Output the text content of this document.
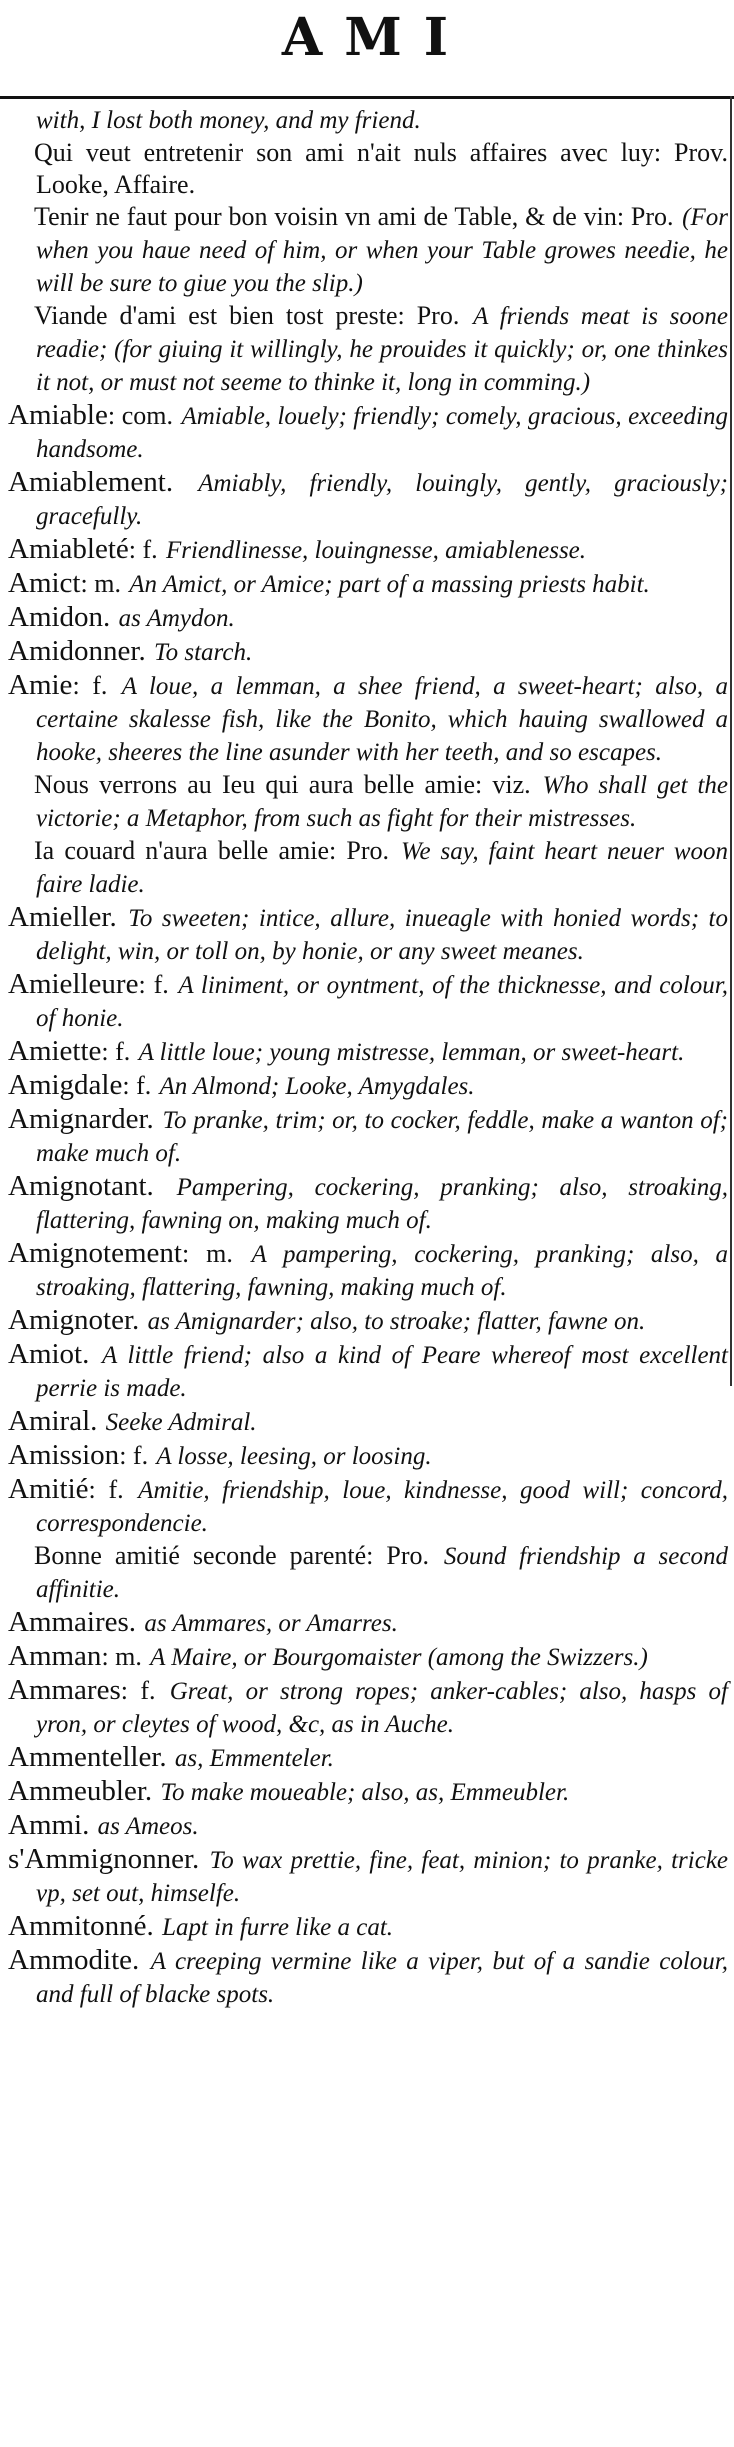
AMI
with, I lost both money, and my friend.
Qui veut entretenir son ami n'ait nuls affaires avec luy: Prov. Looke, Affaire.
Tenir ne faut pour bon voisin vn ami de Table, & de vin: Pro. (For when you haue need of him, or when your Table growes needie, he will be sure to giue you the slip.)
Viande d'ami est bien tost preste: Pro. A friends meat is soone readie; (for giuing it willingly, he prouides it quickly; or, one thinkes it not, or must not seeme to thinke it, long in comming.)
Amiable: com. Amiable, louely; friendly; comely, gracious, exceeding handsome.
Amiablement. Amiably, friendly, louingly, gently, graciously; gracefully.
Amiableté: f. Friendlinesse, louingnesse, amiablenesse.
Amict: m. An Amict, or Amice; part of a massing priests habit.
Amidon. as Amydon.
Amidonner. To starch.
Amie: f. A loue, a lemman, a shee friend, a sweet-heart; also, a certaine skalesse fish, like the Bonito, which hauing swallowed a hooke, sheeres the line asunder with her teeth, and so escapes.
Nous verrons au Ieu qui aura belle amie: viz. Who shall get the victorie; a Metaphor, from such as fight for their mistresses.
Ia couard n'aura belle amie: Pro. We say, faint heart neuer woon faire ladie.
Amieller. To sweeten; intice, allure, inueagle with honied words; to delight, win, or toll on, by honie, or any sweet meanes.
Amielleure: f. A liniment, or oyntment, of the thicknesse, and colour, of honie.
Amiette: f. A little loue; young mistresse, lemman, or sweet-heart.
Amigdale: f. An Almond; Looke, Amygdales.
Amignarder. To pranke, trim; or, to cocker, feddle, make a wanton of; make much of.
Amignotant. Pampering, cockering, pranking; also, stroaking, flattering, fawning on, making much of.
Amignotement: m. A pampering, cockering, pranking; also, a stroaking, flattering, fawning, making much of.
Amignoter. as Amignarder; also, to stroake; flatter, fawne on.
Amiot. A little friend; also a kind of Peare whereof most excellent perrie is made.
Amiral. Seeke Admiral.
Amission: f. A losse, leesing, or loosing.
Amitié: f. Amitie, friendship, loue, kindnesse, good will; concord, correspondencie.
Bonne amitié seconde parenté: Pro. Sound friendship a second affinitie.
Ammaires. as Ammares, or Amarres.
Amman: m. A Maire, or Bourgomaister (among the Swizzers.)
Ammares: f. Great, or strong ropes; anker-cables; also, hasps of yron, or cleytes of wood, &c, as in Auche.
Ammenteller. as, Emmenteler.
Ammeubler. To make moueable; also, as, Emmeubler.
Ammi. as Ameos.
s'Ammignonner. To wax prettie, fine, feat, minion; to pranke, tricke vp, set out, himselfe.
Ammitonné. Lapt in furre like a cat.
Ammodite. A creeping vermine like a viper, but of a sandie colour, and full of blacke spots.
